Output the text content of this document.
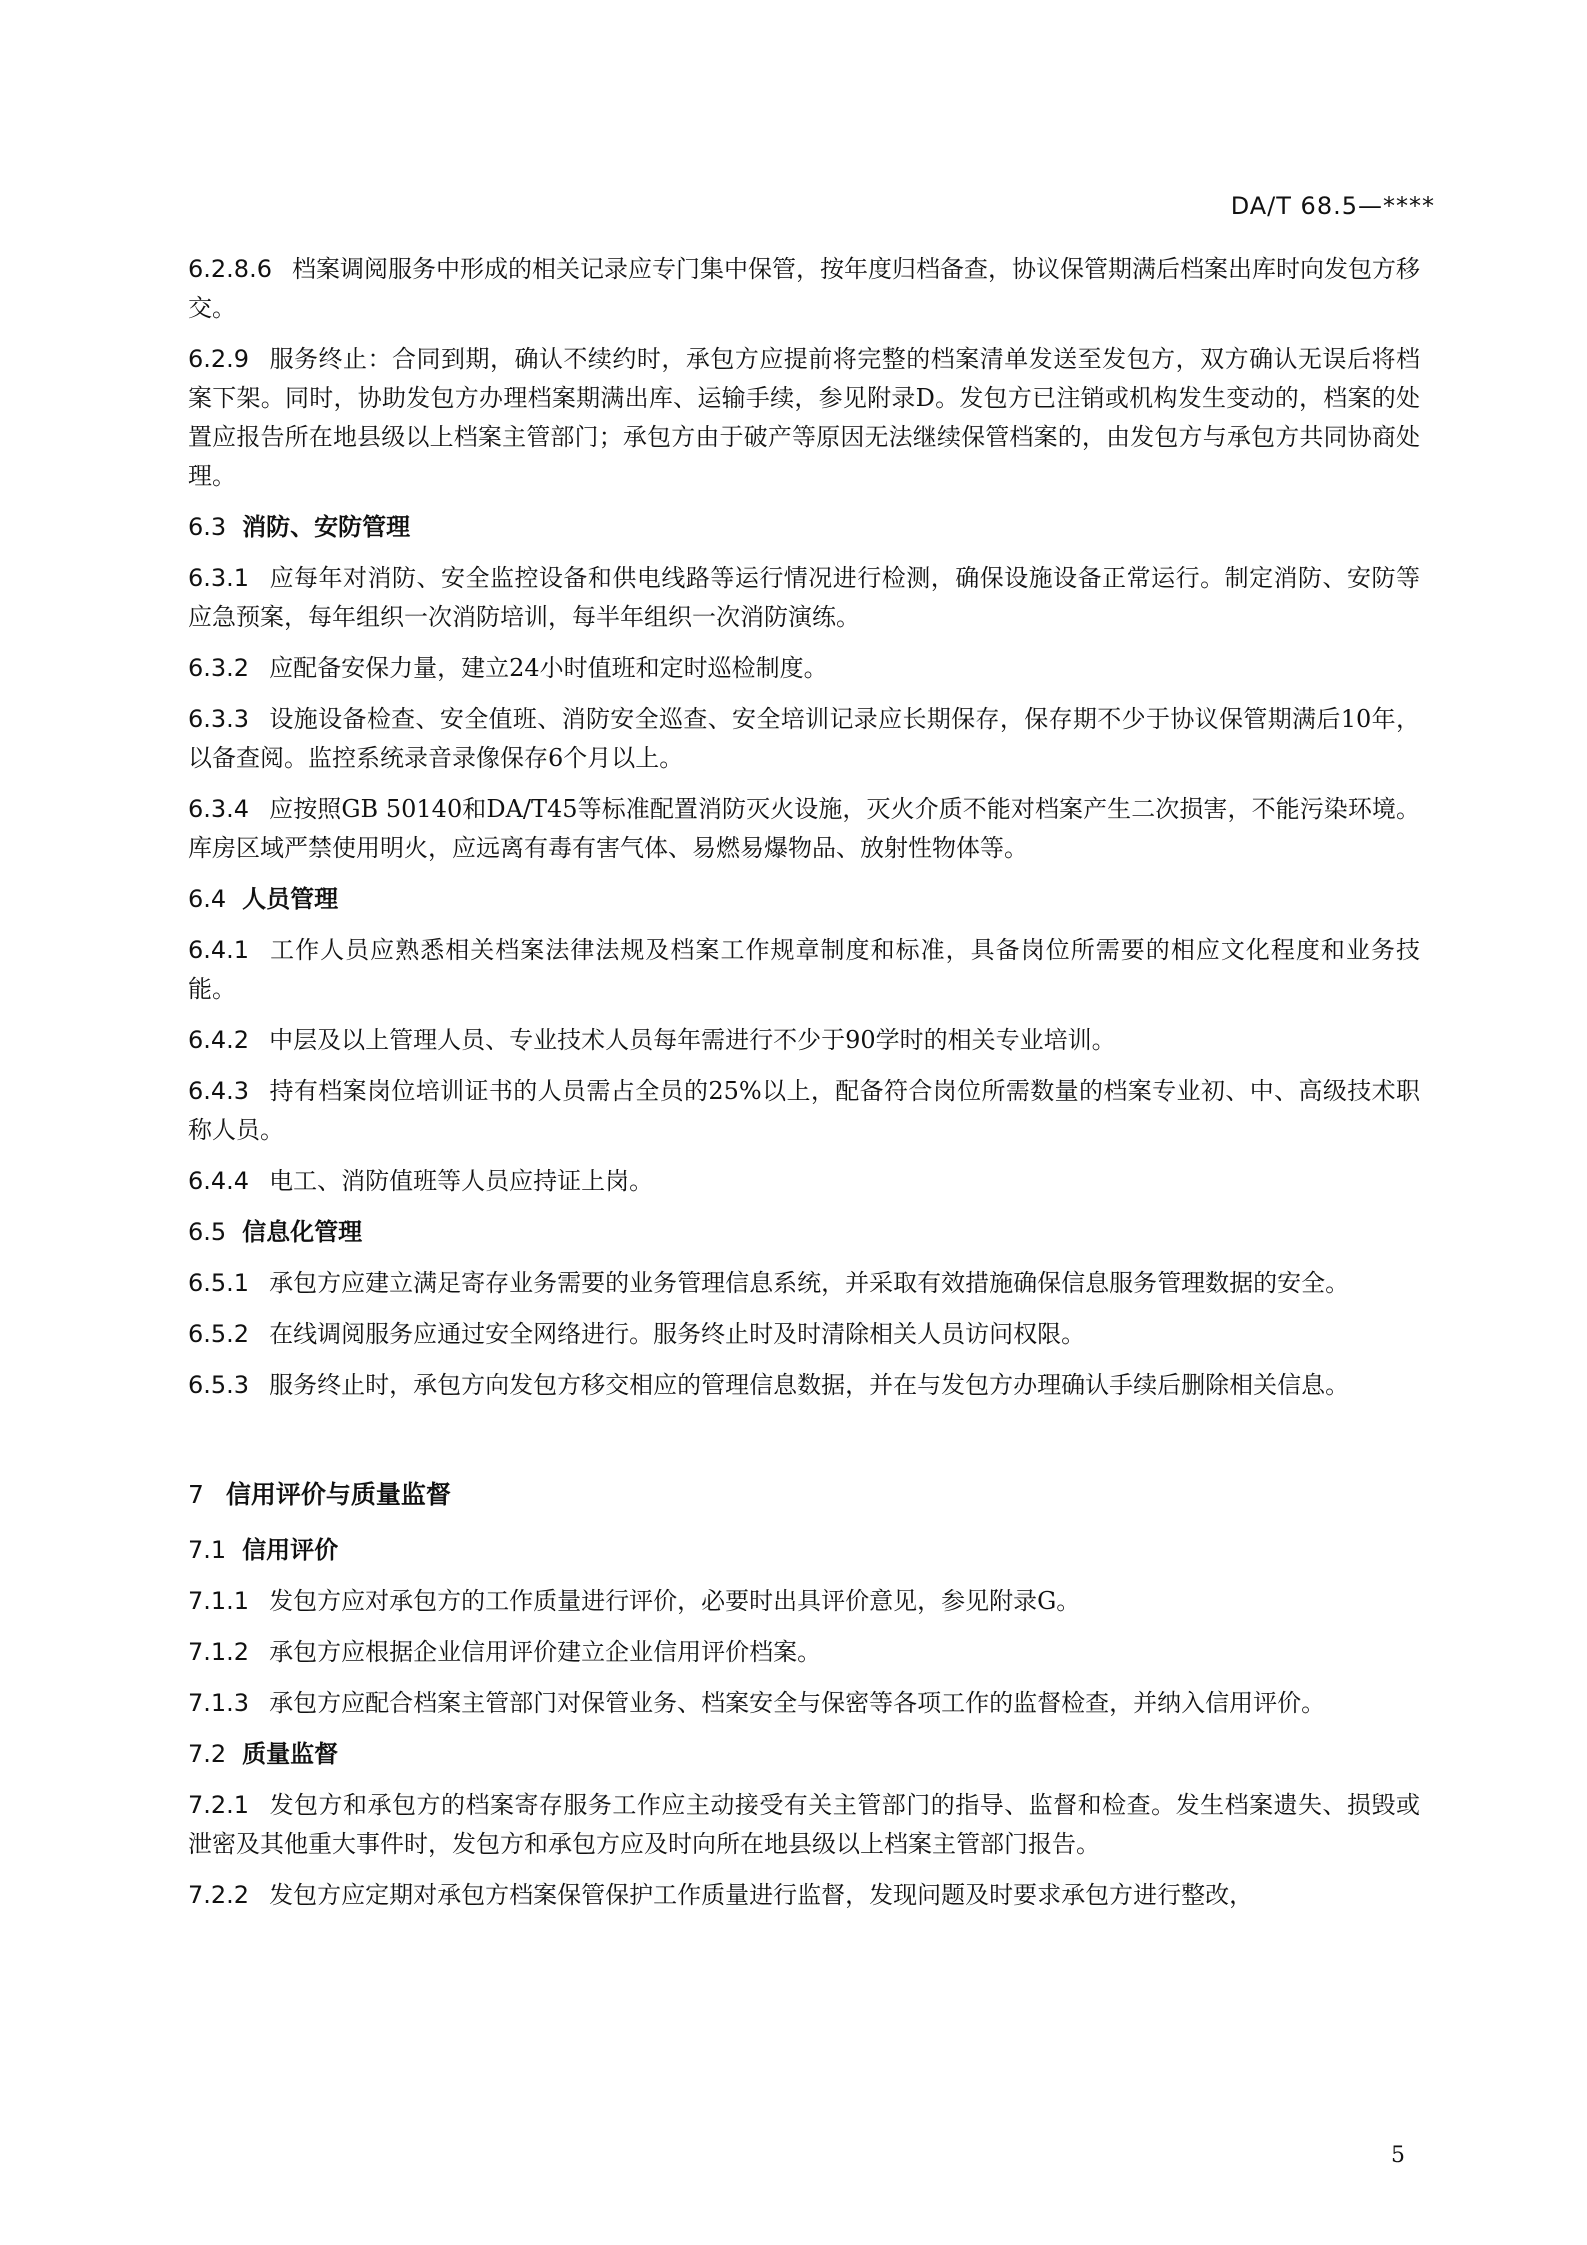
DA/T 68.5—****

6.2.8.6 档案调阅服务中形成的相关记录应专门集中保管，按年度归档备查，协议保管期满后档案出库时向发包方移交。

6.2.9 服务终止：合同到期，确认不续约时，承包方应提前将完整的档案清单发送至发包方，双方确认无误后将档案下架。同时，协助发包方办理档案期满出库、运输手续，参见附录D。发包方已注销或机构发生变动的，档案的处置应报告所在地县级以上档案主管部门；承包方由于破产等原因无法继续保管档案的，由发包方与承包方共同协商处理。

6.3 消防、安防管理

6.3.1 应每年对消防、安全监控设备和供电线路等运行情况进行检测，确保设施设备正常运行。制定消防、安防等应急预案，每年组织一次消防培训，每半年组织一次消防演练。

6.3.2 应配备安保力量，建立24小时值班和定时巡检制度。

6.3.3 设施设备检查、安全值班、消防安全巡查、安全培训记录应长期保存，保存期不少于协议保管期满后10年，以备查阅。监控系统录音录像保存6个月以上。

6.3.4 应按照GB 50140和DA/T45等标准配置消防灭火设施，灭火介质不能对档案产生二次损害，不能污染环境。库房区域严禁使用明火，应远离有毒有害气体、易燃易爆物品、放射性物体等。

6.4 人员管理

6.4.1 工作人员应熟悉相关档案法律法规及档案工作规章制度和标准，具备岗位所需要的相应文化程度和业务技能。

6.4.2 中层及以上管理人员、专业技术人员每年需进行不少于90学时的相关专业培训。

6.4.3 持有档案岗位培训证书的人员需占全员的25%以上，配备符合岗位所需数量的档案专业初、中、高级技术职称人员。

6.4.4 电工、消防值班等人员应持证上岗。

6.5 信息化管理

6.5.1 承包方应建立满足寄存业务需要的业务管理信息系统，并采取有效措施确保信息服务管理数据的安全。

6.5.2 在线调阅服务应通过安全网络进行。服务终止时及时清除相关人员访问权限。

6.5.3 服务终止时，承包方向发包方移交相应的管理信息数据，并在与发包方办理确认手续后删除相关信息。

7 信用评价与质量监督
7.1 信用评价

7.1.1 发包方应对承包方的工作质量进行评价，必要时出具评价意见，参见附录G。

7.1.2 承包方应根据企业信用评价建立企业信用评价档案。

7.1.3 承包方应配合档案主管部门对保管业务、档案安全与保密等各项工作的监督检查，并纳入信用评价。

7.2 质量监督

7.2.1 发包方和承包方的档案寄存服务工作应主动接受有关主管部门的指导、监督和检查。发生档案遗失、损毁或泄密及其他重大事件时，发包方和承包方应及时向所在地县级以上档案主管部门报告。

7.2.2 发包方应定期对承包方档案保管保护工作质量进行监督，发现问题及时要求承包方进行整改，

5
